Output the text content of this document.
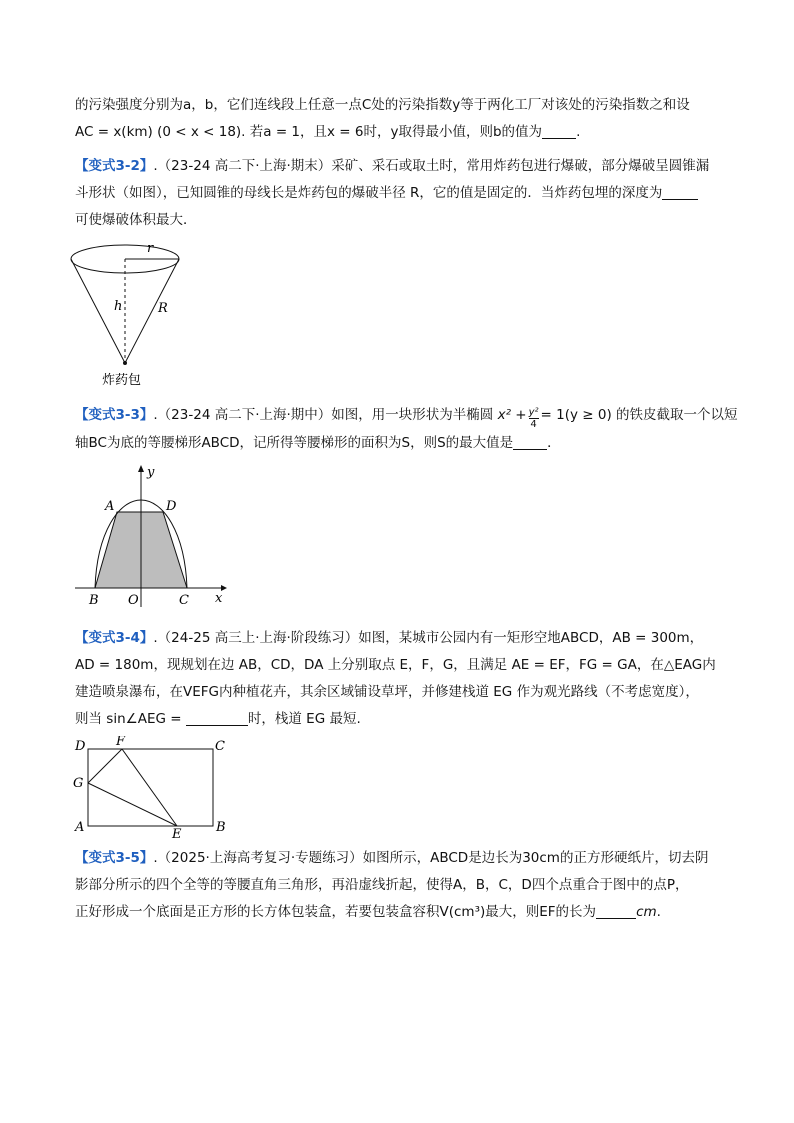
的污染强度分别为a，b，它们连线段上任意一点C处的污染指数y等于两化工厂对该处的污染指数之和设
AC = x(km) (0 < x < 18). 若a = 1，且x = 6时，y取得最小值，则b的值为	.
【变式3-2】.（23-24 高二下·上海·期末）采矿、采石或取土时，常用炸药包进行爆破，部分爆破呈圆锥漏
斗形状（如图），已知圆锥的母线长是炸药包的爆破半径 R，它的值是固定的．当炸药包埋的深度为
可使爆破体积最大．
r
h	R
炸药包
【变式3-3】.（23-24 高二下·上海·期中）如图，用一块形状为半椭圆 $x^2 + \frac{\text{y²}}{4} = 1(y \ge 0)$ 的铁皮截取一个以短
轴BC为底的等腰梯形ABCD，记所得等腰梯形的面积为S，则S的最大值是	．
y
x
A	D
B O	C
【变式3-4】.（24-25 高三上·上海·阶段练习）如图，某城市公园内有一矩形空地ABCD，AB = 300m，
AD = 180m，现规划在边 AB，CD，DA 上分别取点 E，F，G，且满足 AE = EF，FG = GA，在△EAG内
建造喷泉瀑布，在VEFG内种植花卉，其余区域铺设草坪，并修建栈道 EG 作为观光路线（不考虑宽度），
则当 sin∠AEG =	时，栈道 EG 最短.
D F	C
G
A	E	B
【变式3-5】.（2025·上海高考复习·专题练习）如图所示，ABCD是边长为30cm的正方形硬纸片，切去阴
影部分所示的四个全等的等腰直角三角形，再沿虚线折起，使得A，B，C，D四个点重合于图中的点P，
正好形成一个底面是正方形的长方体包装盒，若要包装盒容积V(cm³)最大，则EF的长为	cm.
